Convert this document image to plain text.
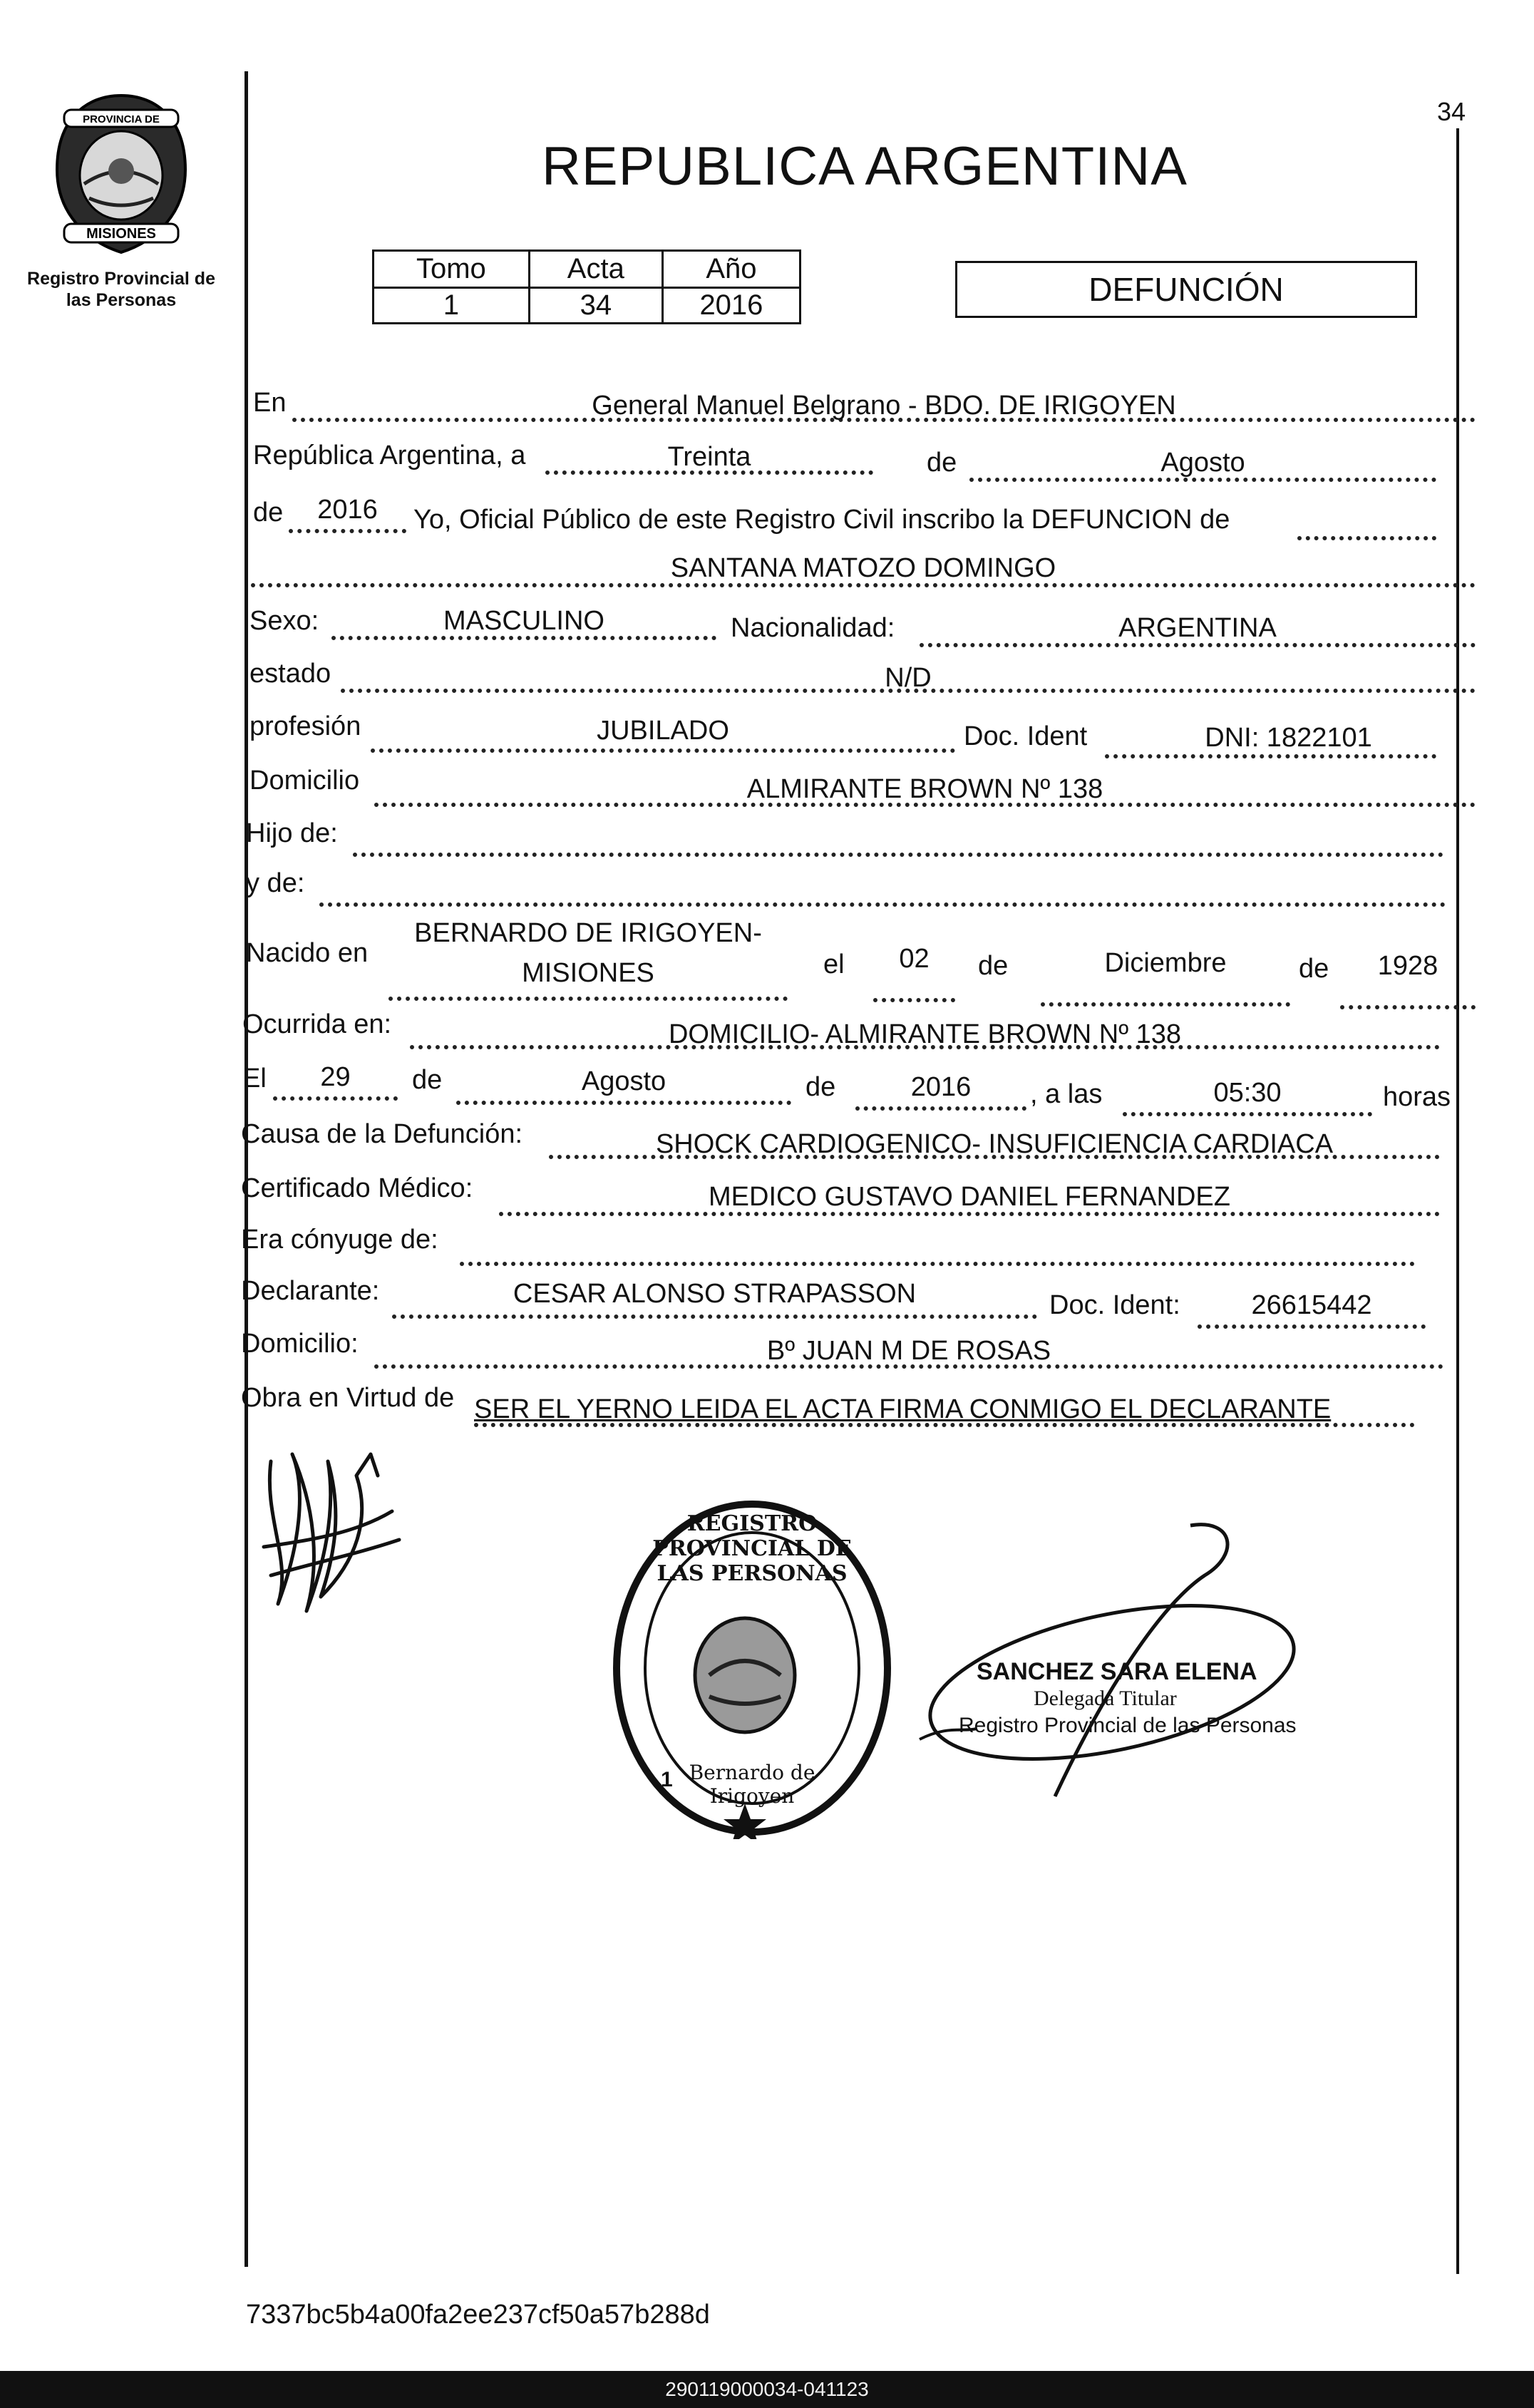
34
PROVINCIA DE
MISIONES
Registro Provincial de
las Personas
REPUBLICA ARGENTINA
Tomo	Acta	Año
1	34	2016	DEFUNCIÓN
En	General Manuel Belgrano - BDO. DE IRIGOYEN
República Argentina, a	Treinta	de	Agosto
de	2016	Yo, Oficial Público de este Registro Civil inscribo la DEFUNCION de
SANTANA MATOZO DOMINGO
Sexo:	MASCULINO	Nacionalidad:	ARGENTINA
estado	N/D
profesión	JUBILADO	Doc. Ident	DNI: 1822101
Domicilio	ALMIRANTE BROWN Nº 138
Hijo de:
y de:
Nacido en
BERNARDO DE IRIGOYEN-
MISIONES	el	02	de	Diciembre	de	1928
Ocurrida en:	DOMICILIO- ALMIRANTE BROWN Nº 138
El	29	de	Agosto	de	2016	, a las	05:30	horas
Causa de la Defunción:	SHOCK CARDIOGENICO- INSUFICIENCIA CARDIACA
Certificado Médico:	MEDICO GUSTAVO DANIEL FERNANDEZ
Era cónyuge de:
Declarante:	CESAR ALONSO STRAPASSON	Doc. Ident:	26615442
Domicilio:	Bº JUAN M DE ROSAS
Obra en Virtud de SER EL YERNO LEIDA EL ACTA FIRMA CONMIGO EL DECLARANTE
REGISTRO PROVINCIAL DE LAS PERSONAS
Bernardo de Irigoyen
1
SANCHEZ SARA ELENA
Delegada Titular
Registro Provincial de las Personas
7337bc5b4a00fa2ee237cf50a57b288d
290119000034-041123
